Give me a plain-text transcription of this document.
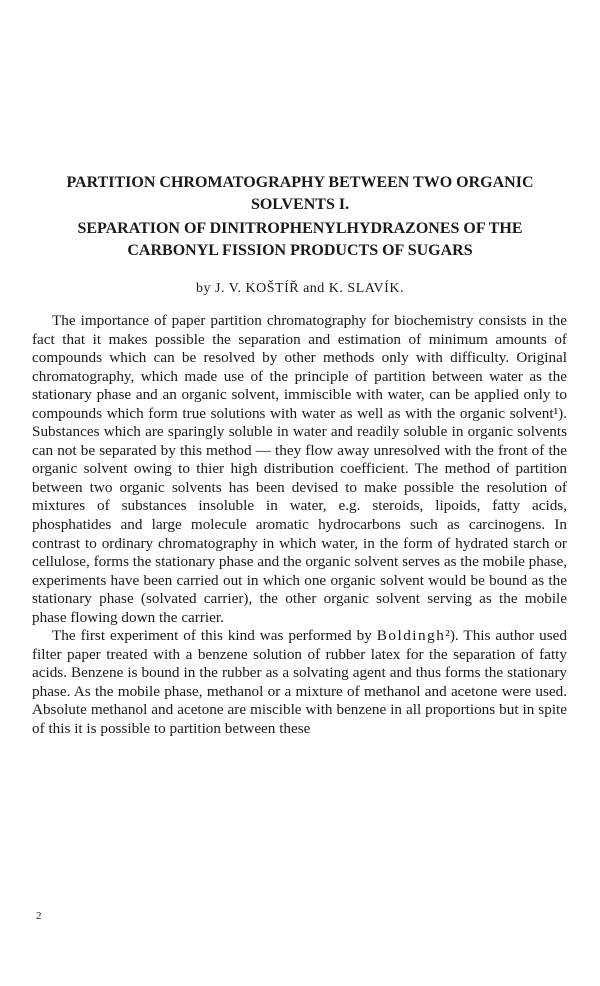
PARTITION CHROMATOGRAPHY BETWEEN TWO ORGANIC SOLVENTS I.
SEPARATION OF DINITROPHENYLHYDRAZONES OF THE CARBONYL FISSION PRODUCTS OF SUGARS
by J. V. KOŠTÍŘ and K. SLAVÍK.

The importance of paper partition chromatography for biochemistry consists in the fact that it makes possible the separation and estimation of minimum amounts of compounds which can be resolved by other methods only with difficulty. Original chromatography, which made use of the principle of partition between water as the stationary phase and an organic solvent, immiscible with water, can be applied only to compounds which form true solutions with water as well as with the organic solvent¹). Substances which are sparingly soluble in water and readily soluble in organic solvents can not be separated by this method — they flow away unresolved with the front of the organic solvent owing to thier high distribution coefficient. The method of partition between two organic solvents has been devised to make possible the resolution of mixtures of substances insoluble in water, e.g. steroids, lipoids, fatty acids, phosphatides and large molecule aromatic hydrocarbons such as carcinogens. In contrast to ordinary chromatography in which water, in the form of hydrated starch or cellulose, forms the stationary phase and the organic solvent serves as the mobile phase, experiments have been carried out in which one organic solvent would be bound as the stationary phase (solvated carrier), the other organic solvent serving as the mobile phase flowing down the carrier.

The first experiment of this kind was performed by Boldingh²). This author used filter paper treated with a benzene solution of rubber latex for the separation of fatty acids. Benzene is bound in the rubber as a solvating agent and thus forms the stationary phase. As the mobile phase, methanol or a mixture of methanol and acetone were used. Absolute methanol and acetone are miscible with benzene in all proportions but in spite of this it is possible to partition between these

2
